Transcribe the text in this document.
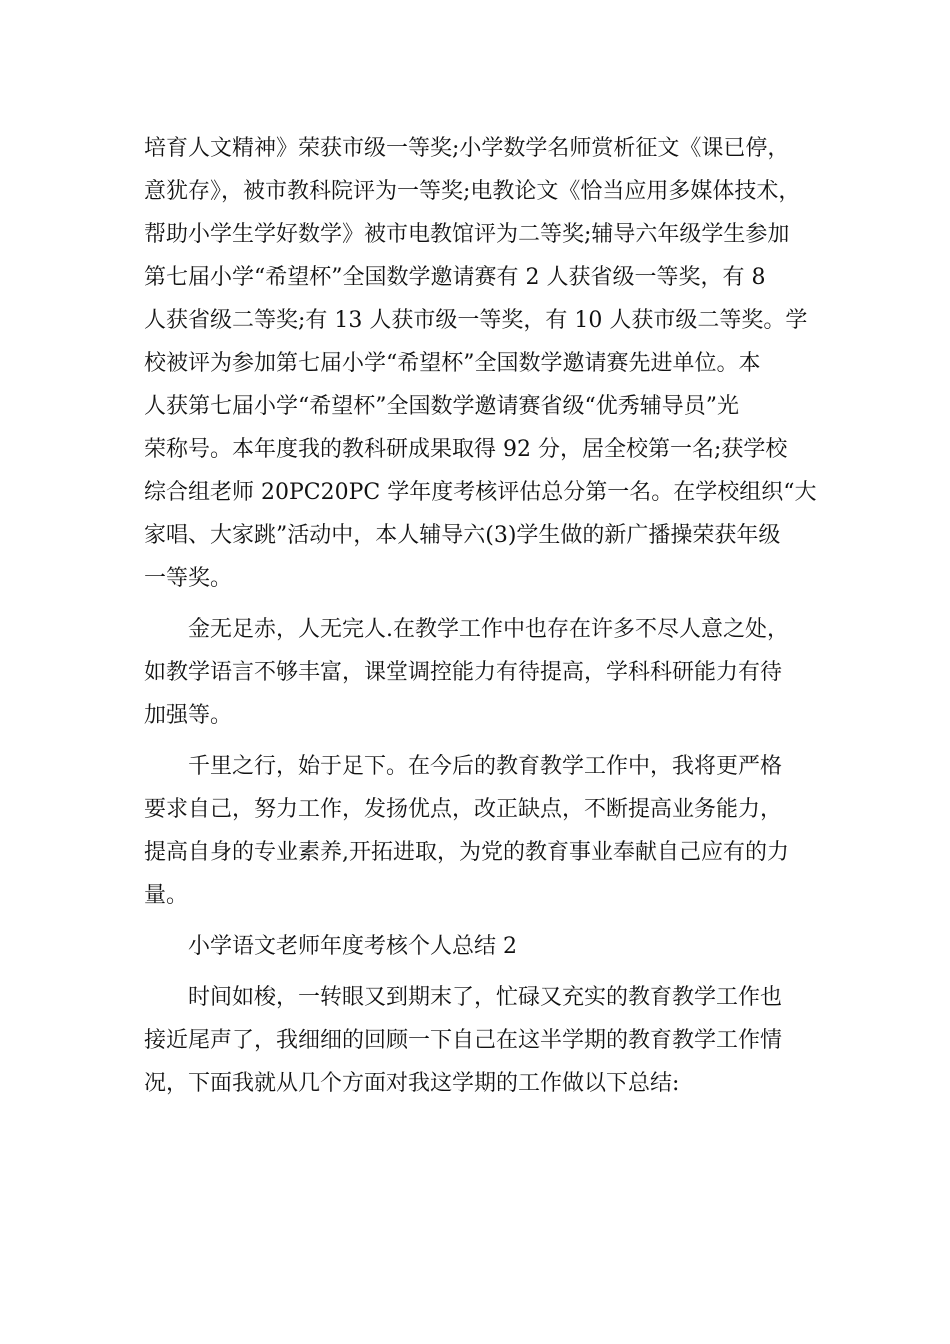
培育人文精神》荣获市级一等奖;小学数学名师赏析征文《课已停，
意犹存》，被市教科院评为一等奖;电教论文《恰当应用多媒体技术，
帮助小学生学好数学》被市电教馆评为二等奖;辅导六年级学生参加
第七届小学“希望杯”全国数学邀请赛有 2 人获省级一等奖，有 8
人获省级二等奖;有 13 人获市级一等奖，有 10 人获市级二等奖。学
校被评为参加第七届小学“希望杯”全国数学邀请赛先进单位。本
人获第七届小学“希望杯”全国数学邀请赛省级“优秀辅导员”光
荣称号。本年度我的教科研成果取得 92 分，居全校第一名;获学校
综合组老师 20PC20PC 学年度考核评估总分第一名。在学校组织“大
家唱、大家跳”活动中，本人辅导六(3)学生做的新广播操荣获年级
一等奖。
金无足赤，人无完人.在教学工作中也存在许多不尽人意之处，
如教学语言不够丰富，课堂调控能力有待提高，学科科研能力有待
加强等。
千里之行，始于足下。在今后的教育教学工作中，我将更严格
要求自己，努力工作，发扬优点，改正缺点，不断提高业务能力，
提高自身的专业素养,开拓进取，为党的教育事业奉献自己应有的力
量。
小学语文老师年度考核个人总结 2
时间如梭，一转眼又到期末了，忙碌又充实的教育教学工作也
接近尾声了，我细细的回顾一下自己在这半学期的教育教学工作情
况，下面我就从几个方面对我这学期的工作做以下总结:
